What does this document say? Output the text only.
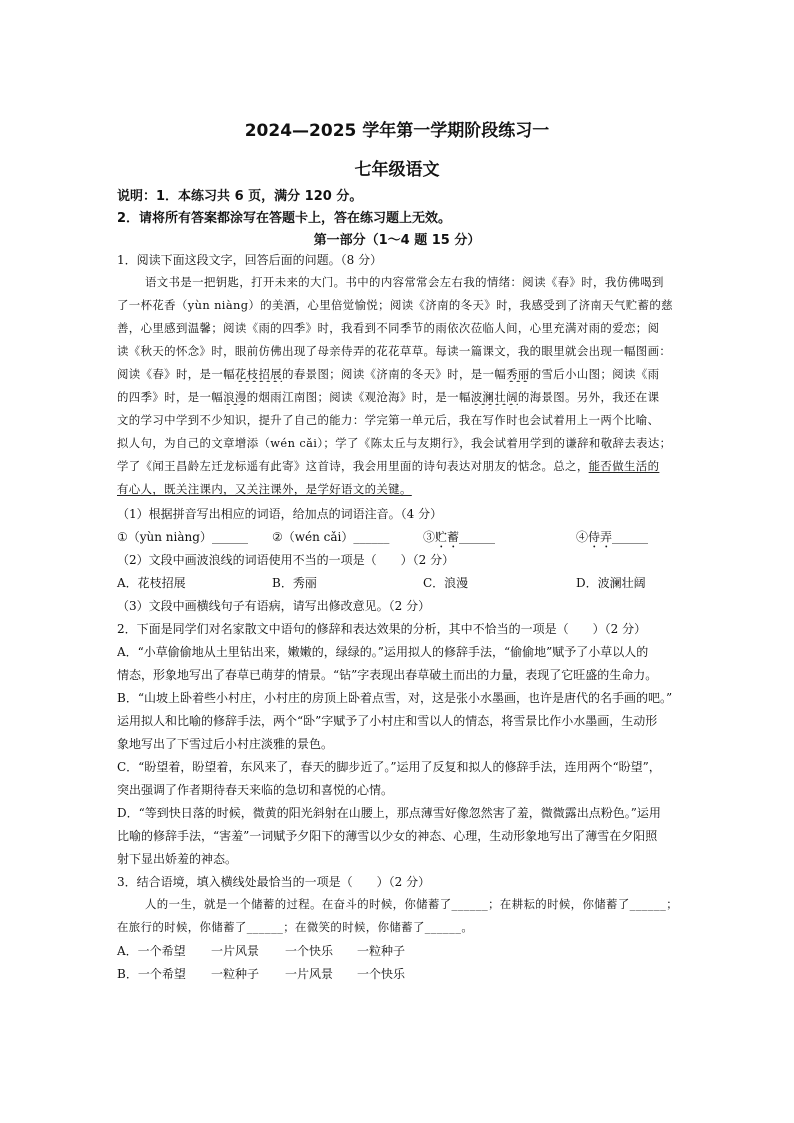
2024—2025 学年第一学期阶段练习一
七年级语文
说明：1．本练习共 6 页，满分 120 分。
2．请将所有答案都涂写在答题卡上，答在练习题上无效。
第一部分（1～4 题 15 分）
1．阅读下面这段文字，回答后面的问题。（8 分）
语文书是一把钥匙，打开未来的大门。书中的内容常常会左右我的情绪：阅读《春》时，我仿佛喝到
了一杯花香（yùn niàng）的美酒，心里倍觉愉悦；阅读《济南的冬天》时，我感受到了济南天气贮蓄的慈
善，心里感到温馨；阅读《雨的四季》时，我看到不同季节的雨依次莅临人间，心里充满对雨的爱恋；阅
读《秋天的怀念》时，眼前仿佛出现了母亲侍弄的花花草草。每读一篇课文，我的眼里就会出现一幅图画：
阅读《春》时，是一幅花枝招展的春景图；阅读《济南的冬天》时，是一幅秀丽的雪后小山图；阅读《雨
的四季》时，是一幅浪漫的烟雨江南图；阅读《观沧海》时，是一幅波澜壮阔的海景图。另外，我还在课
文的学习中学到不少知识，提升了自己的能力：学完第一单元后，我在写作时也会试着用上一两个比喻、
拟人句，为自己的文章增添（wén cǎi）；学了《陈太丘与友期行》，我会试着用学到的谦辞和敬辞去表达；
学了《闻王昌龄左迁龙标遥有此寄》这首诗，我会用里面的诗句表达对朋友的惦念。总之，能否做生活的
有心人，既关注课内，又关注课外，是学好语文的关键。
（1）根据拼音写出相应的词语，给加点的词语注音。（4 分）
①（yùn niàng）______ ②（wén cǎi）______	③贮蓄______	④侍弄______
（2）文段中画波浪线的词语使用不当的一项是（　　）（2 分）
A．花枝招展	B．秀丽	C．浪漫	D．波澜壮阔
（3）文段中画横线句子有语病，请写出修改意见。（2 分）
2．下面是同学们对名家散文中语句的修辞和表达效果的分析，其中不恰当的一项是（　　）（2 分）
A．“小草偷偷地从土里钻出来，嫩嫩的，绿绿的。”运用拟人的修辞手法，“偷偷地”赋予了小草以人的
情态，形象地写出了春草已萌芽的情景。“钻”字表现出春草破土而出的力量，表现了它旺盛的生命力。
B．“山坡上卧着些小村庄，小村庄的房顶上卧着点雪，对，这是张小水墨画，也许是唐代的名手画的吧。”
运用拟人和比喻的修辞手法，两个“卧”字赋予了小村庄和雪以人的情态，将雪景比作小水墨画，生动形
象地写出了下雪过后小村庄淡雅的景色。
C．“盼望着，盼望着，东风来了，春天的脚步近了。”运用了反复和拟人的修辞手法，连用两个“盼望”，
突出强调了作者期待春天来临的急切和喜悦的心情。
D．“等到快日落的时候，微黄的阳光斜射在山腰上，那点薄雪好像忽然害了羞，微微露出点粉色。”运用
比喻的修辞手法，“害羞”一词赋予夕阳下的薄雪以少女的神态、心理，生动形象地写出了薄雪在夕阳照
射下显出娇羞的神态。
3．结合语境，填入横线处最恰当的一项是（　　）（2 分）
人的一生，就是一个储蓄的过程。在奋斗的时候，你储蓄了______；在耕耘的时候，你储蓄了______；
在旅行的时候，你储蓄了______；在微笑的时候，你储蓄了______。
A．一个希望 一片风景 一个快乐 一粒种子
B．一个希望 一粒种子 一片风景 一个快乐
